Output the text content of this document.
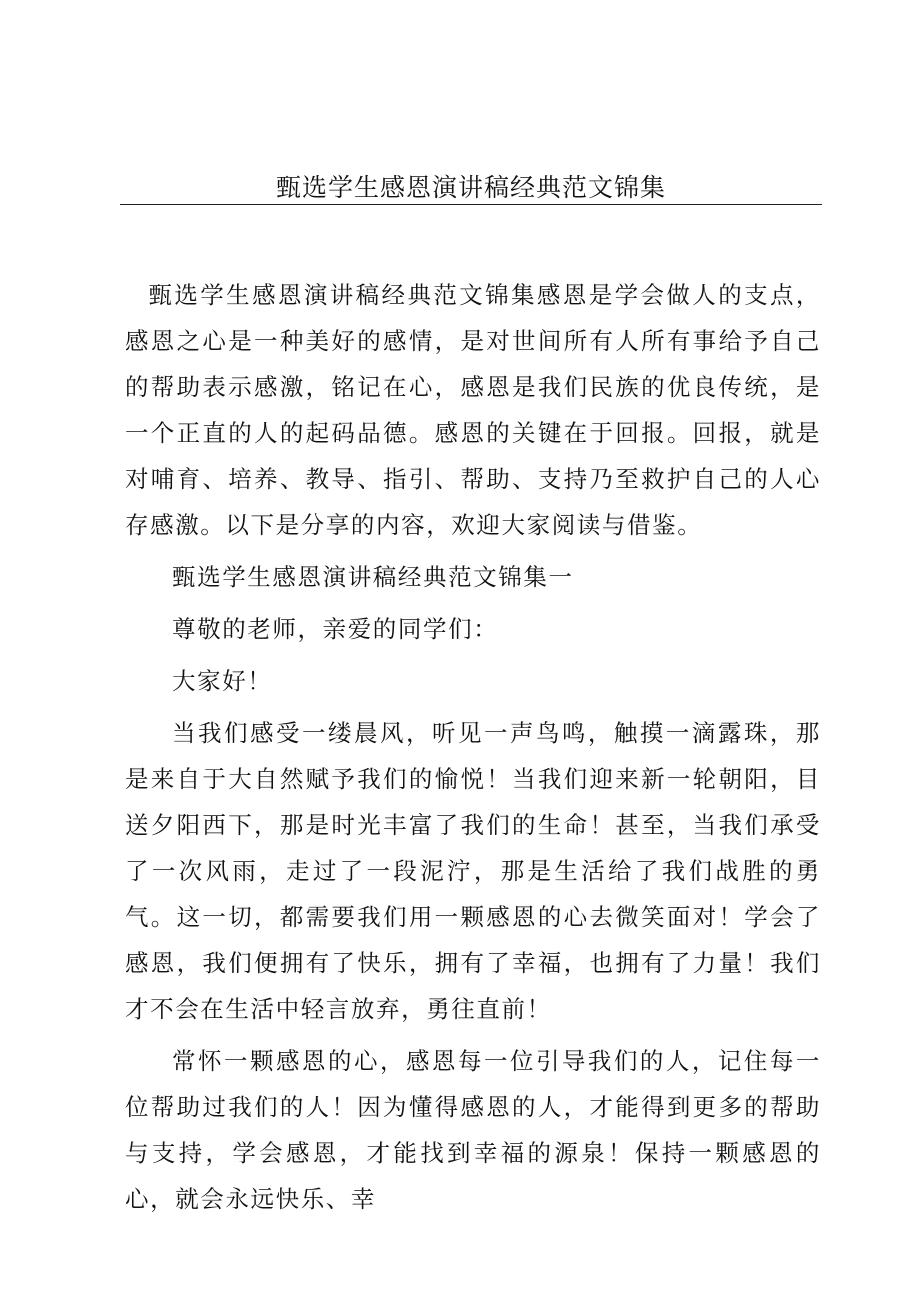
甄选学生感恩演讲稿经典范文锦集

甄选学生感恩演讲稿经典范文锦集感恩是学会做人的支点，感恩之心是一种美好的感情，是对世间所有人所有事给予自己的帮助表示感激，铭记在心，感恩是我们民族的优良传统，是一个正直的人的起码品德。感恩的关键在于回报。回报，就是对哺育、培养、教导、指引、帮助、支持乃至救护自己的人心存感激。以下是分享的内容，欢迎大家阅读与借鉴。

甄选学生感恩演讲稿经典范文锦集一

尊敬的老师，亲爱的同学们：

大家好！

当我们感受一缕晨风，听见一声鸟鸣，触摸一滴露珠，那是来自于大自然赋予我们的愉悦！当我们迎来新一轮朝阳，目送夕阳西下，那是时光丰富了我们的生命！甚至，当我们承受了一次风雨，走过了一段泥泞，那是生活给了我们战胜的勇气。这一切，都需要我们用一颗感恩的心去微笑面对！学会了感恩，我们便拥有了快乐，拥有了幸福，也拥有了力量！我们才不会在生活中轻言放弃，勇往直前！

常怀一颗感恩的心，感恩每一位引导我们的人，记住每一位帮助过我们的人！因为懂得感恩的人，才能得到更多的帮助与支持，学会感恩，才能找到幸福的源泉！保持一颗感恩的心，就会永远快乐、幸
